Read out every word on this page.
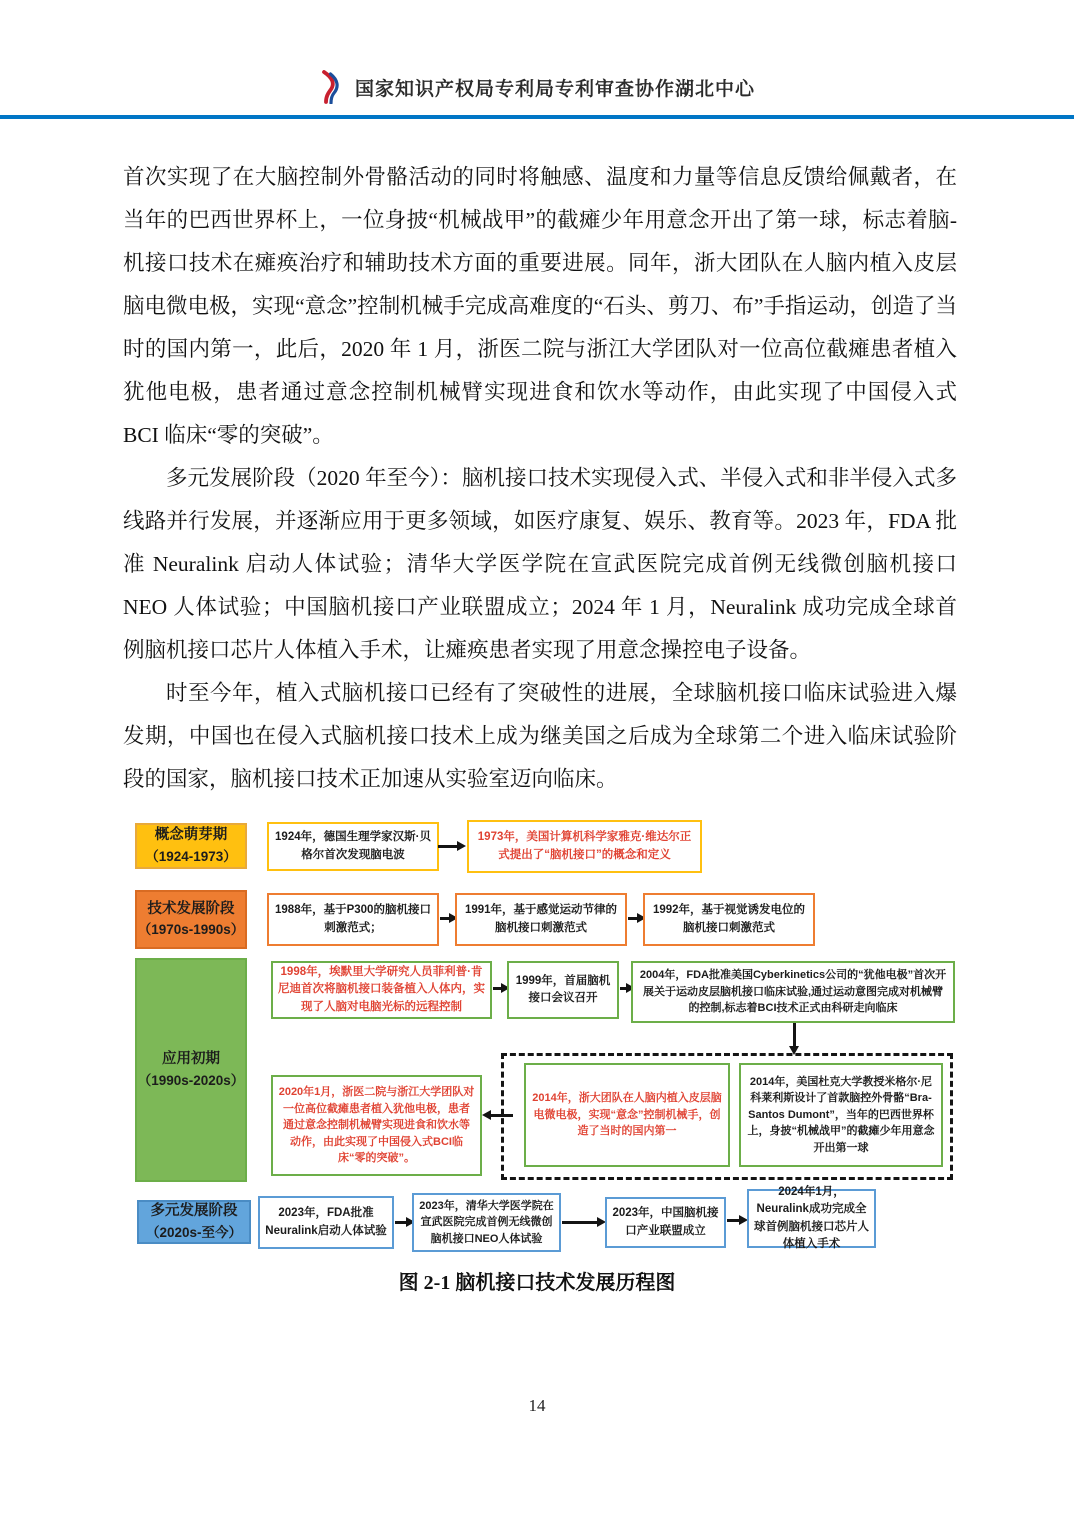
国家知识产权局专利局专利审查协作湖北中心

首次实现了在大脑控制外骨骼活动的同时将触感、温度和力量等信息反馈给佩戴者，在当年的巴西世界杯上，一位身披“机械战甲”的截瘫少年用意念开出了第一球，标志着脑-机接口技术在瘫痪治疗和辅助技术方面的重要进展。同年，浙大团队在人脑内植入皮层脑电微电极，实现“意念”控制机械手完成高难度的“石头、剪刀、布”手指运动，创造了当时的国内第一，此后，2020 年 1 月，浙医二院与浙江大学团队对一位高位截瘫患者植入犹他电极，患者通过意念控制机械臂实现进食和饮水等动作，由此实现了中国侵入式 BCI 临床“零的突破”。

多元发展阶段（2020 年至今）：脑机接口技术实现侵入式、半侵入式和非半侵入式多线路并行发展，并逐渐应用于更多领域，如医疗康复、娱乐、教育等。2023 年，FDA 批准 Neuralink 启动人体试验；清华大学医学院在宣武医院完成首例无线微创脑机接口 NEO 人体试验；中国脑机接口产业联盟成立；2024 年 1 月，Neuralink 成功完成全球首例脑机接口芯片人体植入手术，让瘫痪患者实现了用意念操控电子设备。

时至今年，植入式脑机接口已经有了突破性的进展，全球脑机接口临床试验进入爆发期，中国也在侵入式脑机接口技术上成为继美国之后成为全球第二个进入临床试验阶段的国家，脑机接口技术正加速从实验室迈向临床。

概念萌芽期
（1924-1973）
1924年，德国生理学家汉斯·贝格尔首次发现脑电波
1973年，美国计算机科学家雅克·维达尔正式提出了“脑机接口”的概念和定义
技术发展阶段
（1970s-1990s）
1988年，基于P300的脑机接口刺激范式；
1991年，基于感觉运动节律的脑机接口刺激范式
1992年，基于视觉诱发电位的脑机接口刺激范式
应用初期
（1990s-2020s）
1998年，埃默里大学研究人员菲利普·肯尼迪首次将脑机接口装备植入人体内，实现了人脑对电脑光标的远程控制
1999年，首届脑机接口会议召开
2004年，FDA批准美国Cyberkinetics公司的“犹他电极”首次开展关于运动皮层脑机接口临床试验,通过运动意图完成对机械臂的控制,标志着BCI技术正式由科研走向临床
2014年，浙大团队在人脑内植入皮层脑电微电极，实现“意念”控制机械手，创造了当时的国内第一
2014年，美国杜克大学教授米格尔·尼科莱利斯设计了首款脑控外骨骼“Bra-Santos Dumont”，当年的巴西世界杯上，身披“机械战甲”的截瘫少年用意念开出第一球
2020年1月，浙医二院与浙江大学团队对一位高位截瘫患者植入犹他电极，患者通过意念控制机械臂实现进食和饮水等动作，由此实现了中国侵入式BCI临床“零的突破”。
多元发展阶段
（2020s-至今）
2023年，FDA批准Neuralink启动人体试验
2023年，清华大学医学院在宣武医院完成首例无线微创脑机接口NEO人体试验
2023年，中国脑机接口产业联盟成立
2024年1月，Neuralink成功完成全球首例脑机接口芯片人体植入手术
图 2-1 脑机接口技术发展历程图
14
